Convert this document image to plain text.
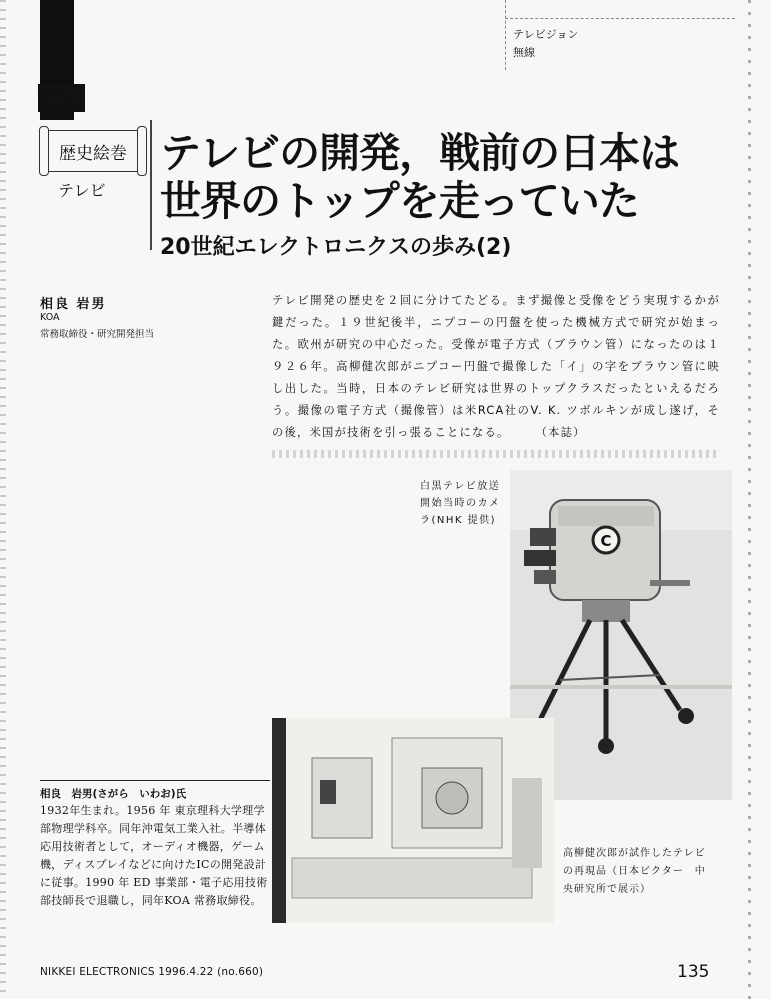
講座
テレビジョン
無線
歴史絵巻
テレビ
テレビの開発，戦前の日本は
世界のトップを走っていた
20世紀エレクトロニクスの歩み(2)
相良 岩男
KOA
常務取締役・研究開発担当
テレビ開発の歴史を２回に分けてたどる。まず撮像と受像をどう実現するかが鍵だった。１９世紀後半，ニプコーの円盤を使った機械方式で研究が始まった。欧州が研究の中心だった。受像が電子方式（ブラウン管）になったのは１９２６年。高柳健次郎がニプコー円盤で撮像した「イ」の字をブラウン管に映し出した。当時，日本のテレビ研究は世界のトップクラスだったといえるだろう。撮像の電子方式（撮像管）は米RCA社のV. K. ツボルキンが成し遂げ，その後，米国が技術を引っ張ることになる。　　　（本誌）
C
白黒テレビ放送開始当時のカメラ(NHK 提供)
高柳健次郎が試作したテレビの再現品（日本ビクター　中央研究所で展示）
相良　岩男(さがら　いわお)氏
1932年生まれ。1956 年 東京理科大学理学部物理学科卒。同年沖電気工業入社。半導体応用技術者として，オーディオ機器，ゲーム機，ディスプレイなどに向けたICの開発設計に従事。1990 年 ED 事業部・電子応用技術部技師長で退職し，同年KOA 常務取締役。
NIKKEI ELECTRONICS 1996.4.22 (no.660)	135
